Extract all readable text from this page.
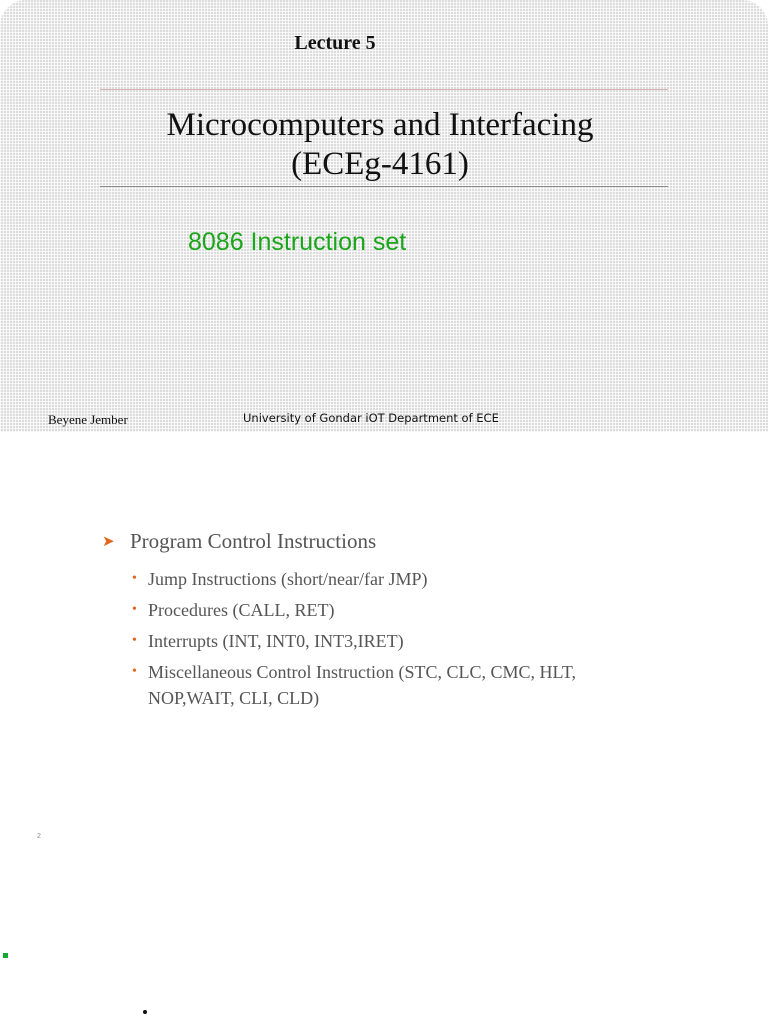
Lecture 5
Microcomputers and Interfacing
(ECEg-4161)
8086 Instruction set
Beyene Jember	University of Gondar iOT Department of ECE
➤ Program Control Instructions
• Jump Instructions (short/near/far JMP)
• Procedures (CALL, RET)
• Interrupts (INT, INT0, INT3,IRET)
• Miscellaneous Control Instruction (STC, CLC, CMC, HLT, NOP,WAIT, CLI, CLD)
2
